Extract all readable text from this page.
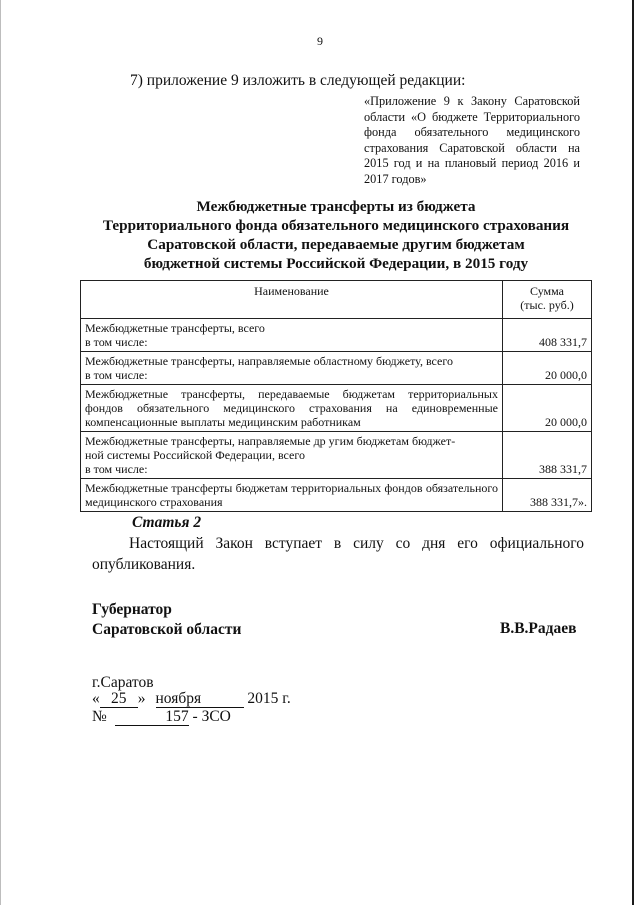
9
7) приложение 9 изложить в следующей редакции:
«Приложение 9 к Закону Саратовской области «О бюджете Территориального фонда обязательного медицинского страхования Саратовской области на 2015 год и на плановый период 2016 и 2017 годов»
Межбюджетные трансферты из бюджета
Территориального фонда обязательного медицинского страхования
Саратовской области, передаваемые другим бюджетам
бюджетной системы Российской Федерации, в 2015 году
Наименование	Сумма
(тыс. руб.)

Межбюджетные трансферты, всего
в том числе:	408 331,7

Межбюджетные трансферты, направляемые областному бюджету, всего
в том числе:	20 000,0
Межбюджетные трансферты, передаваемые бюджетам территориальных фондов обязательного медицинского страхования на единовременные компенсационные выплаты медицинским работникам	20 000,0

Межбюджетные трансферты, направляемые др угим бюджетам бюджет-
ной системы Российской Федерации, всего
в том числе:	388 331,7
Межбюджетные трансферты бюджетам территориальных фондов обязательного медицинского страхования	388 331,7».
Статья 2
Настоящий Закон вступает в силу со дня его официального опубликования.
Губернатор
Саратовской области	В.В.Радаев
г.Саратов
« 25 » ноября	2015 г.
№	157 - ЗСО
